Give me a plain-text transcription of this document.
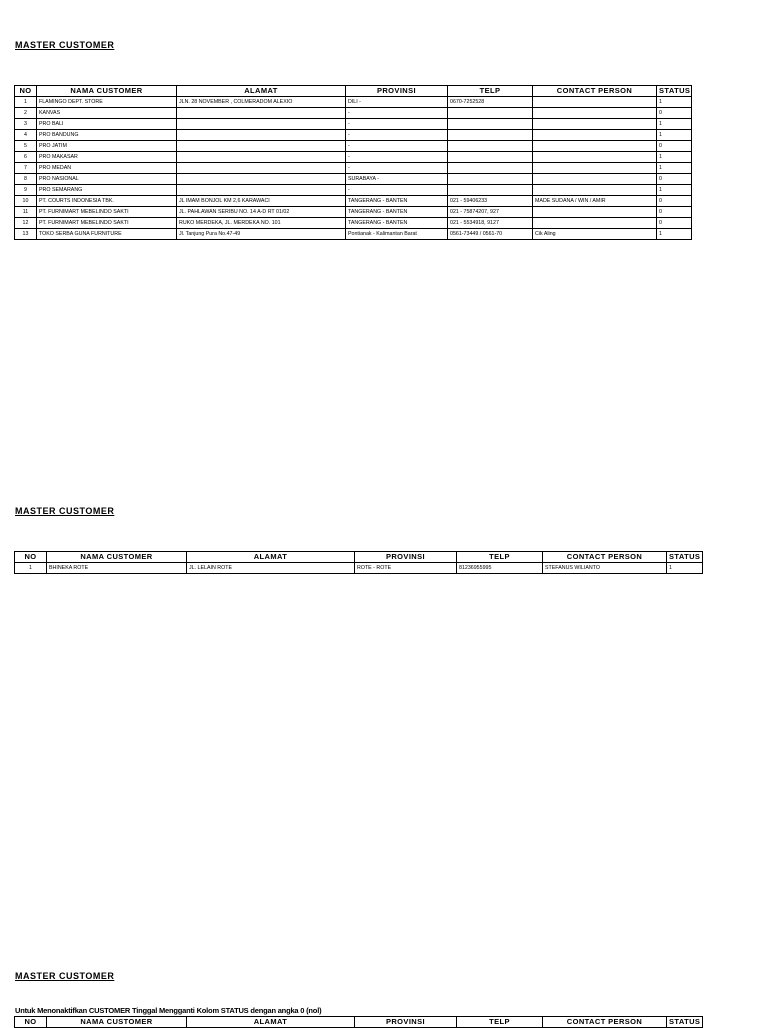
MASTER CUSTOMER
NO	NAMA CUSTOMER	ALAMAT	PROVINSI	TELP	CONTACT PERSON	STATUS
1	FLAMINGO DEPT. STORE	JLN. 28 NOVEMBER , COLMERADOM ALEXIO	DILI -	0670-7252528		1
2	KANVAS		-			0
3	PRO BALI		-			1
4	PRO BANDUNG		-			1
5	PRO JATIM		-			0
6	PRO MAKASAR		-			1
7	PRO MEDAN		-			1
8	PRO NASIONAL		SURABAYA -			0
9	PRO SEMARANG		-			1
10	PT. COURTS INDONESIA TBK.	JL IMAM BONJOL KM 2,6 KARAWACI	TANGERANG - BANTEN	021 - 59406233	MADE SUDANA / WIN / AMIR	0
11	PT. FURNIMART MEBELINDO SAKTI	JL. PAHLAWAN SERIBU NO. 14 A-D RT 01/02	TANGERANG - BANTEN	021 - 75874207, 927		0
12	PT. FURNIMART MEBELINDO SAKTI	RUKO MERDEKA, JL. MERDEKA NO. 101	TANGERANG - BANTEN	021 - 5534918, 9127		0
13	TOKO SERBA GUNA FURNITURE	Jl. Tanjung Pura No.47-49	Pontianak - Kalimantan Barat	0561-73449 / 0561-70	Cik Aling	1
MASTER CUSTOMER
NO	NAMA CUSTOMER	ALAMAT	PROVINSI	TELP	CONTACT PERSON	STATUS
1	BHINEKA ROTE	JL. LELAIN ROTE	ROTE - ROTE	81236955995	STEFANUS WILIANTO	1
MASTER CUSTOMER
Untuk Menonaktifkan CUSTOMER Tinggal Mengganti Kolom STATUS dengan angka 0 (nol)
NO	NAMA CUSTOMER	ALAMAT	PROVINSI	TELP	CONTACT PERSON	STATUS
